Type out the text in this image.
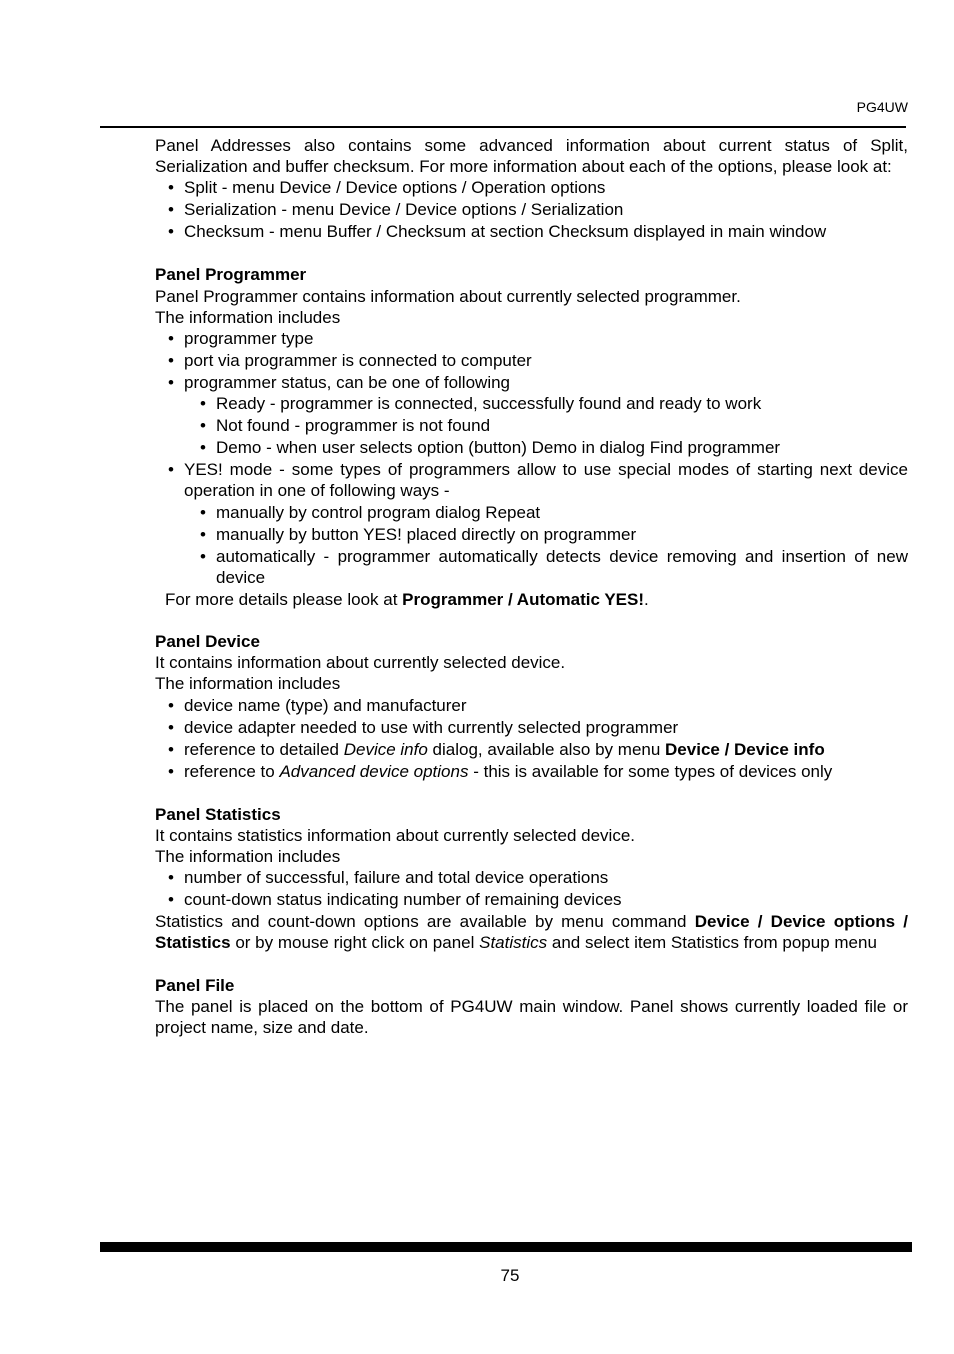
PG4UW

Panel Addresses also contains some advanced information about current status of Split, Serialization and buffer checksum. For more information about each of the options, please look at:

• Split - menu Device / Device options / Operation options
• Serialization - menu Device / Device options / Serialization
• Checksum - menu Buffer / Checksum at section Checksum displayed in main window
Panel Programmer

Panel Programmer contains information about currently selected programmer.

The information includes

• programmer type
• port via programmer is connected to computer
• programmer status, can be one of following
• Ready - programmer is connected, successfully found and ready to work
• Not found - programmer is not found
• Demo - when user selects option (button) Demo in dialog Find programmer
• YES! mode - some types of programmers allow to use special modes of starting next device operation in one of following ways -
• manually by control program dialog Repeat
• manually by button YES! placed directly on programmer
• automatically - programmer automatically detects device removing and insertion of new device

For more details please look at Programmer / Automatic YES!.

Panel Device

It contains information about currently selected device.

The information includes

• device name (type) and manufacturer
• device adapter needed to use with currently selected programmer
• reference to detailed Device info dialog, available also by menu Device / Device info
• reference to Advanced device options - this is available for some types of devices only
Panel Statistics

It contains statistics information about currently selected device.

The information includes

• number of successful, failure and total device operations
• count-down status indicating number of remaining devices

Statistics and count-down options are available by menu command Device / Device options / Statistics or by mouse right click on panel Statistics and select item Statistics from popup menu

Panel File

The panel is placed on the bottom of PG4UW main window. Panel shows currently loaded file or project name, size and date.

75
